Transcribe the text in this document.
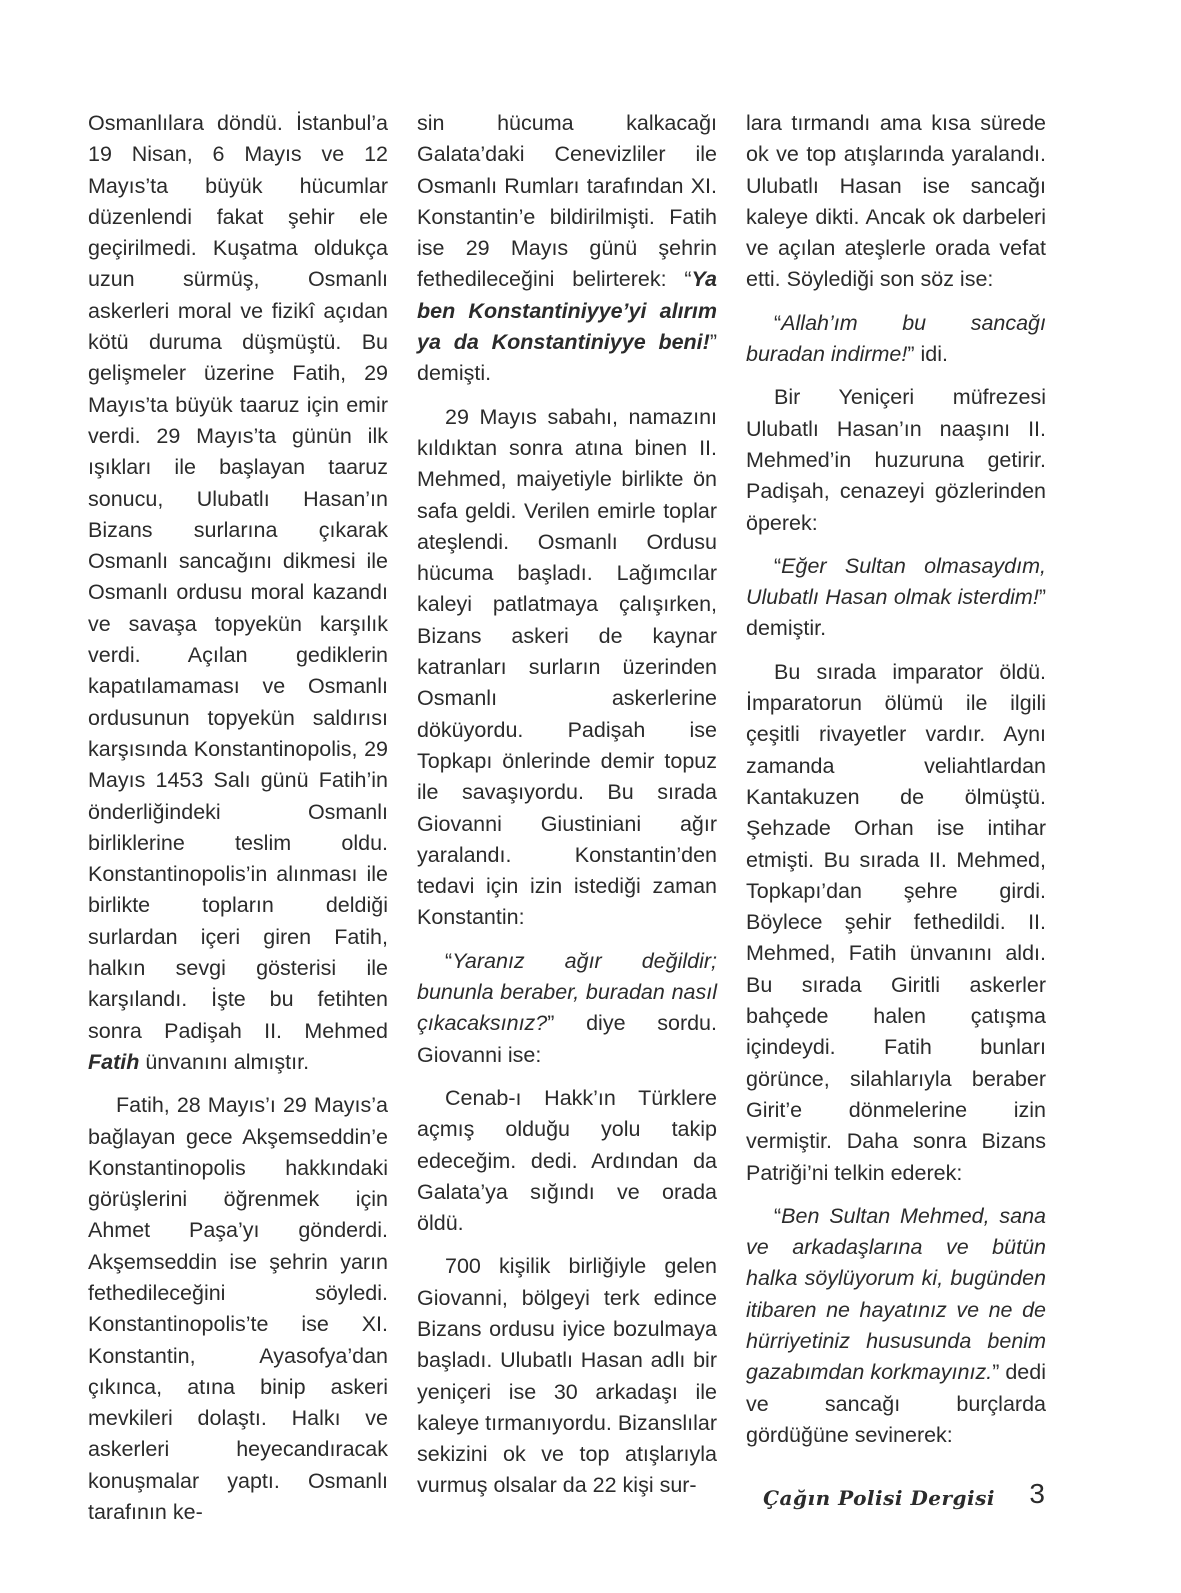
Osmanlılara döndü. İstanbul’a 19 Nisan, 6 Mayıs ve 12 Mayıs’ta büyük hücumlar düzenlendi fakat şehir ele geçirilmedi. Kuşatma oldukça uzun sürmüş, Osmanlı askerleri moral ve fizikî açıdan kötü duruma düşmüştü. Bu gelişmeler üzerine Fatih, 29 Mayıs’ta büyük taaruz için emir verdi. 29 Mayıs’ta günün ilk ışıkları ile başlayan taaruz sonucu, Ulubatlı Hasan’ın Bizans surlarına çıkarak Osmanlı sancağını dikmesi ile Osmanlı ordusu moral kazandı ve savaşa topyekün karşılık verdi. Açılan gediklerin kapatılamaması ve Osmanlı ordusunun topyekün saldırısı karşısında Konstantinopolis, 29 Mayıs 1453 Salı günü Fatih’in önderliğindeki Osmanlı birliklerine teslim oldu. Konstantinopolis’in alınması ile birlikte topların deldiği surlardan içeri giren Fatih, halkın sevgi gösterisi ile karşılandı. İşte bu fetihten sonra Padişah II. Mehmed Fatih ünvanını almıştır.

Fatih, 28 Mayıs’ı 29 Mayıs’a bağlayan gece Akşemseddin’e Konstantinopolis hakkındaki görüşlerini öğrenmek için Ahmet Paşa’yı gönderdi. Akşemseddin ise şehrin yarın fethedileceğini söyledi. Konstantinopolis’te ise XI. Konstantin, Ayasofya’dan çıkınca, atına binip askeri mevkileri dolaştı. Halkı ve askerleri heyecandıracak konuşmalar yaptı. Osmanlı tarafının ke-

sin hücuma kalkacağı Galata’daki Cenevizliler ile Osmanlı Rumları tarafından XI. Konstantin’e bildirilmişti. Fatih ise 29 Mayıs günü şehrin fethedileceğini belirterek: “Ya ben Konstantiniyye’yi alırım ya da Konstantiniyye beni!” demişti.

29 Mayıs sabahı, namazını kıldıktan sonra atına binen II. Mehmed, maiyetiyle birlikte ön safa geldi. Verilen emirle toplar ateşlendi. Osmanlı Ordusu hücuma başladı. Lağımcılar kaleyi patlatmaya çalışırken, Bizans askeri de kaynar katranları surların üzerinden Osmanlı askerlerine döküyordu. Padişah ise Topkapı önlerinde demir topuz ile savaşıyordu. Bu sırada Giovanni Giustiniani ağır yaralandı. Konstantin’den tedavi için izin istediği zaman Konstantin:

“Yaranız ağır değildir; bununla beraber, buradan nasıl çıkacaksınız?” diye sordu. Giovanni ise:

Cenab-ı Hakk’ın Türklere açmış olduğu yolu takip edeceğim. dedi. Ardından da Galata’ya sığındı ve orada öldü.

700 kişilik birliğiyle gelen Giovanni, bölgeyi terk edince Bizans ordusu iyice bozulmaya başladı. Ulubatlı Hasan adlı bir yeniçeri ise 30 arkadaşı ile kaleye tırmanıyordu. Bizanslılar sekizini ok ve top atışlarıyla vurmuş olsalar da 22 kişi sur-

lara tırmandı ama kısa sürede ok ve top atışlarında yaralandı. Ulubatlı Hasan ise sancağı kaleye dikti. Ancak ok darbeleri ve açılan ateşlerle orada vefat etti. Söylediği son söz ise:

“Allah’ım bu sancağı buradan indirme!” idi.

Bir Yeniçeri müfrezesi Ulubatlı Hasan’ın naaşını II. Mehmed’in huzuruna getirir. Padişah, cenazeyi gözlerinden öperek:

“Eğer Sultan olmasaydım, Ulubatlı Hasan olmak isterdim!” demiştir.

Bu sırada imparator öldü. İmparatorun ölümü ile ilgili çeşitli rivayetler vardır. Aynı zamanda veliahtlardan Kantakuzen de ölmüştü. Şehzade Orhan ise intihar etmişti. Bu sırada II. Mehmed, Topkapı’dan şehre girdi. Böylece şehir fethedildi. II. Mehmed, Fatih ünvanını aldı. Bu sırada Giritli askerler bahçede halen çatışma içindeydi. Fatih bunları görünce, silahlarıyla beraber Girit’e dönmelerine izin vermiştir. Daha sonra Bizans Patriği’ni telkin ederek:

“Ben Sultan Mehmed, sana ve arkadaşlarına ve bütün halka söylüyorum ki, bugünden itibaren ne hayatınız ve ne de hürriyetiniz hususunda benim gazabımdan korkmayınız.” dedi ve sancağı burçlarda gördüğüne sevinerek:

Çağın Polisi Dergisi 3
